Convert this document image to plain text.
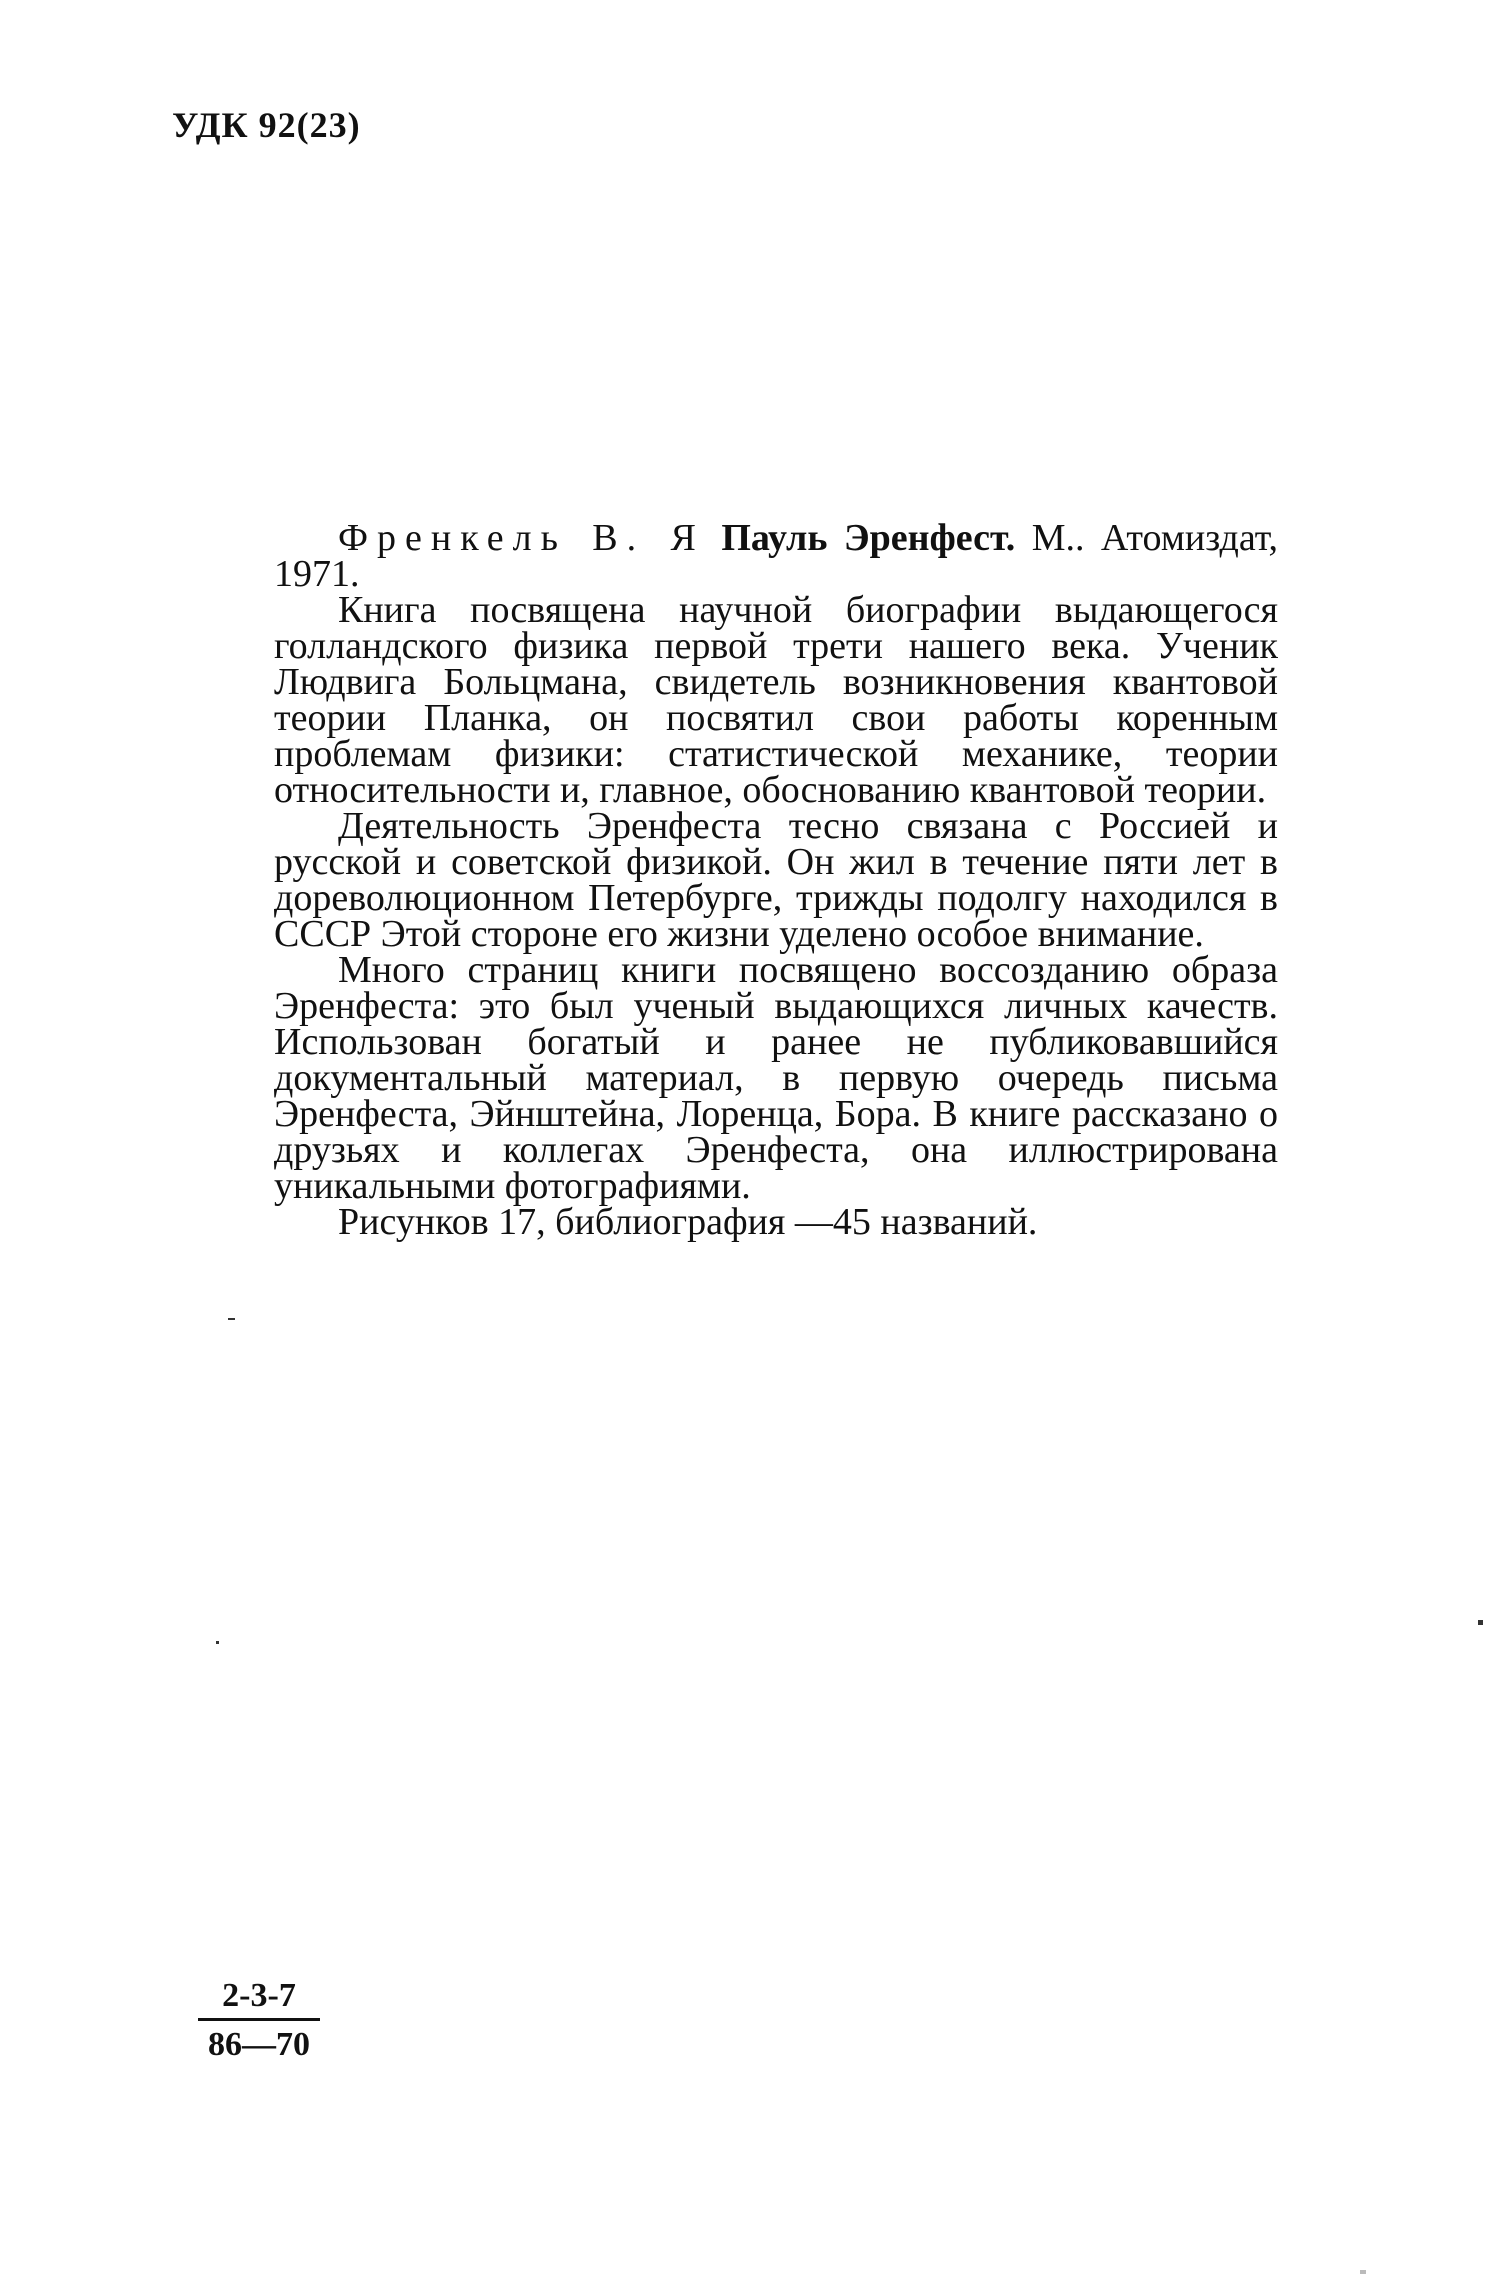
УДК 92(23)

Френкель В. Я Пауль Эренфест. М.. Атомиздат, 1971.

Книга посвящена научной биографии выдающегося голландского физика первой трети нашего века. Ученик Людвига Больцмана, свидетель возникновения квантовой теории Планка, он посвятил свои работы коренным проблемам физики: статистической механике, теории относительности и, главное, обоснованию квантовой теории.

Деятельность Эренфеста тесно связана с Россией и русской и советской физикой. Он жил в течение пяти лет в дореволюционном Петербурге, трижды подолгу находился в СССР Этой стороне его жизни уделено особое внимание.

Много страниц книги посвящено воссозданию образа Эренфеста: это был ученый выдающихся личных качеств. Использован богатый и ранее не публиковавшийся документальный материал, в первую очередь письма Эренфеста, Эйнштейна, Лоренца, Бора. В книге рассказано о друзьях и коллегах Эренфеста, она иллюстрирована уникальными фотографиями.

Рисунков 17, библиография —45 названий.

2-3-7
86—70
